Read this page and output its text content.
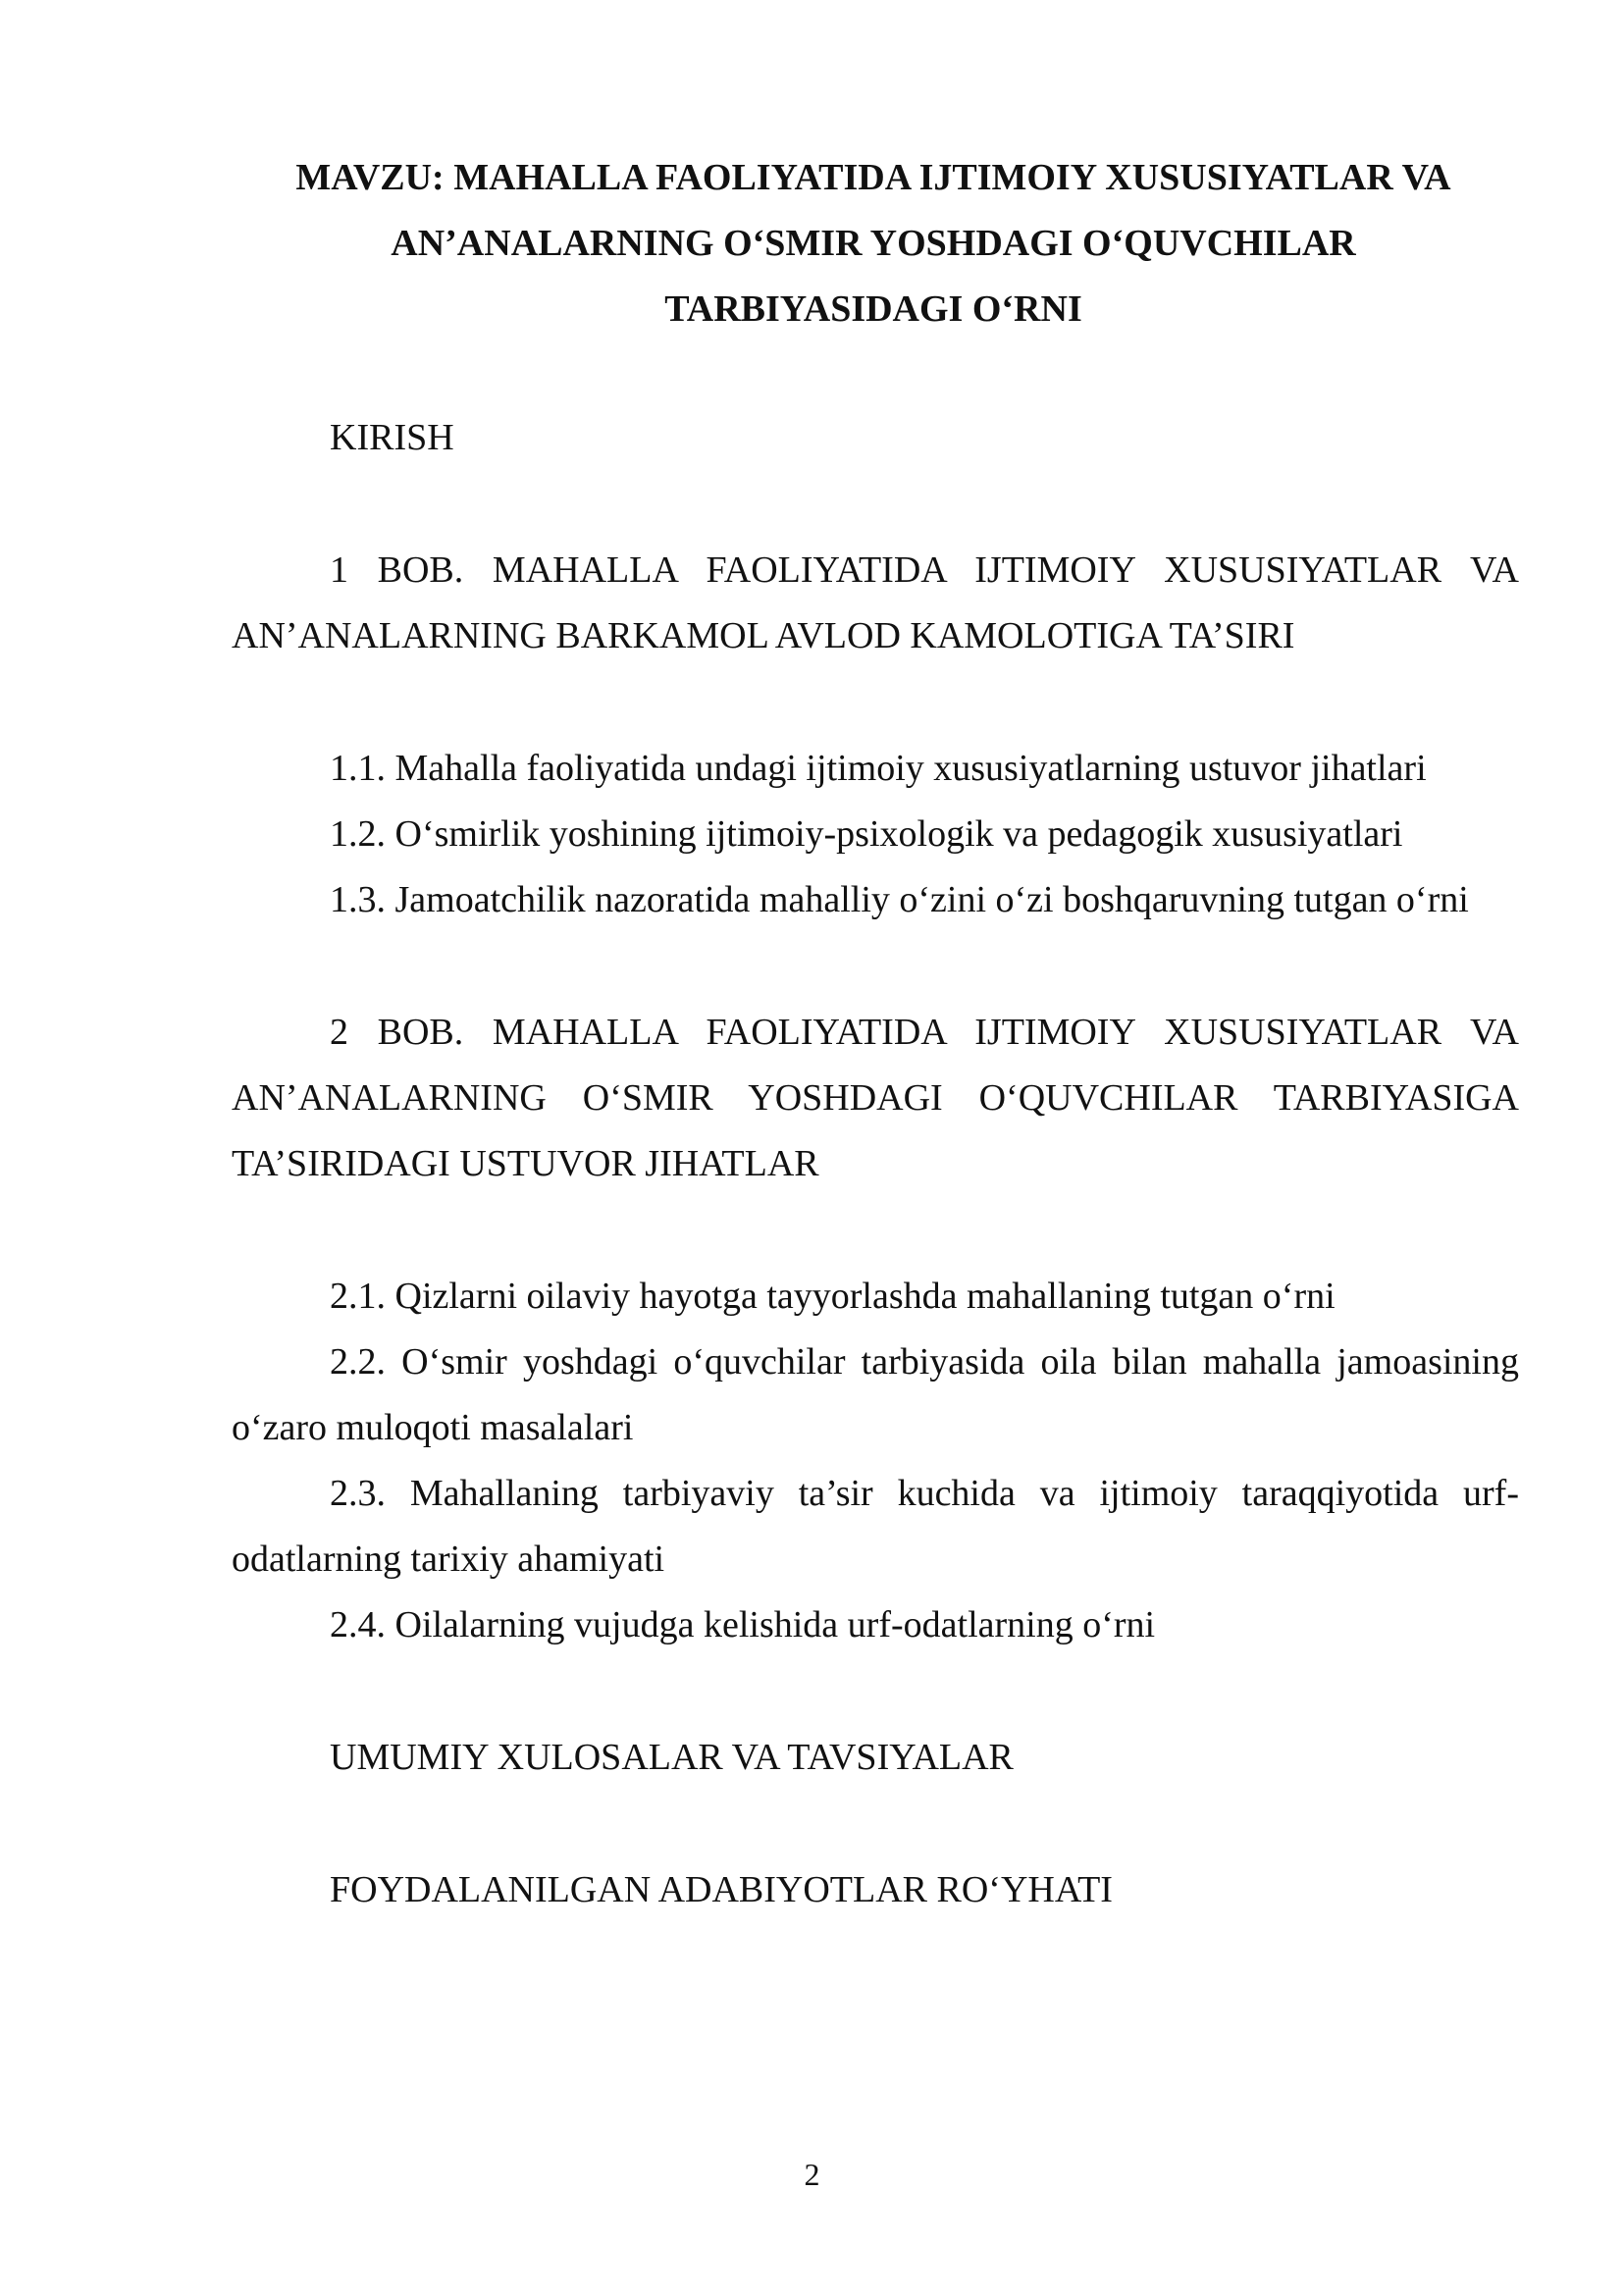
MAVZU: MAHALLA FAOLIYATIDA IJTIMOIY XUSUSIYATLAR VA
AN’ANALARNING O‘SMIR YOSHDAGI O‘QUVCHILAR
TARBIYASIDAGI O‘RNI
KIRISH
1 BOB. MAHALLA FAOLIYATIDA IJTIMOIY XUSUSIYATLAR VA
AN’ANALARNING BARKAMOL AVLOD KAMOLOTIGA TA’SIRI
1.1. Mahalla faoliyatida undagi ijtimoiy xususiyatlarning ustuvor jihatlari
1.2. O‘smirlik yoshining ijtimoiy-psixologik va pedagogik xususiyatlari
1.3. Jamoatchilik nazoratida mahalliy o‘zini o‘zi boshqaruvning tutgan o‘rni
2 BOB. MAHALLA FAOLIYATIDA IJTIMOIY XUSUSIYATLAR VA
AN’ANALARNING O‘SMIR YOSHDAGI O‘QUVCHILAR TARBIYASIGA
TA’SIRIDAGI USTUVOR JIHATLAR
2.1. Qizlarni oilaviy hayotga tayyorlashda mahallaning tutgan o‘rni
2.2. O‘smir yoshdagi o‘quvchilar tarbiyasida oila bilan mahalla jamoasining
o‘zaro muloqoti masalalari
2.3. Mahallaning tarbiyaviy ta’sir kuchida va ijtimoiy taraqqiyotida urf-
odatlarning tarixiy ahamiyati
2.4. Oilalarning vujudga kelishida urf-odatlarning o‘rni
UMUMIY XULOSALAR VA TAVSIYALAR
FOYDALANILGAN ADABIYOTLAR RO‘YHATI
2
